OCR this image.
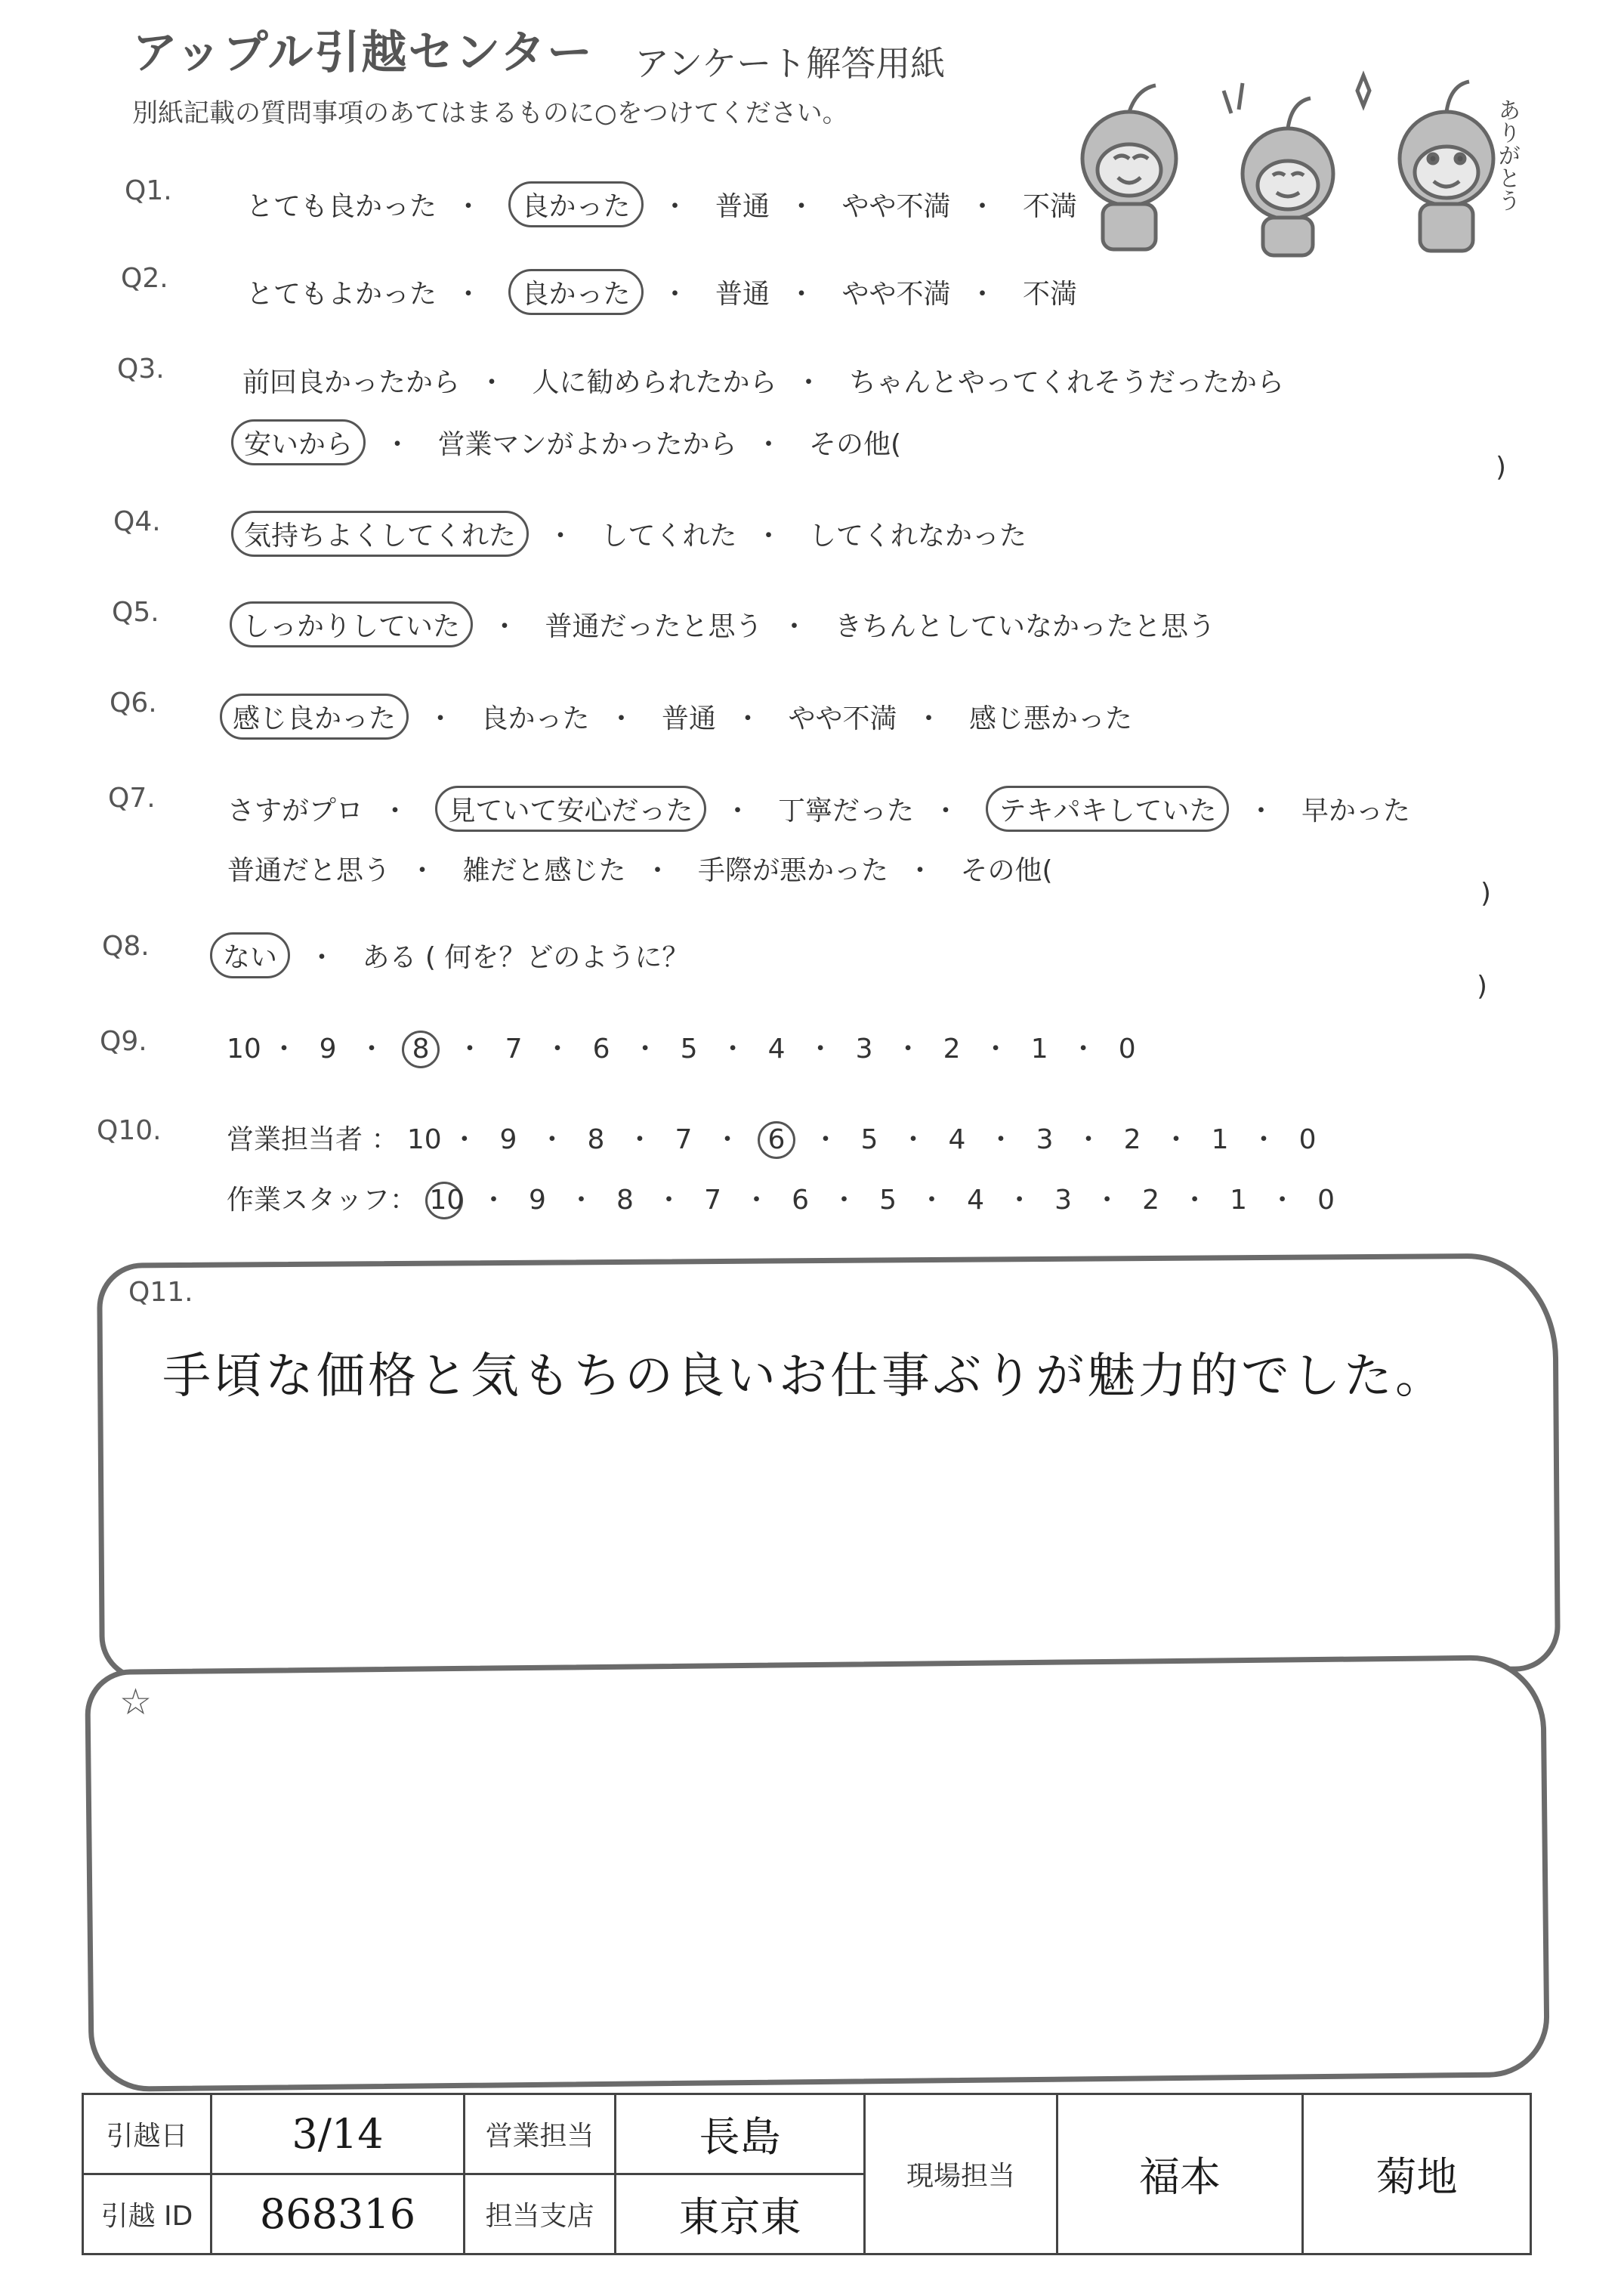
アップル引越センター アンケート解答用紙
別紙記載の質問事項のあてはまるものに○をつけてください。	ありがとう
Q1.
とても良かった ・ 良かった ・ 普通 ・ やや不満 ・ 不満
Q2.
とてもよかった ・ 良かった ・ 普通 ・ やや不満 ・ 不満
Q3.	前回良かったから ・ 人に勧められたから ・ ちゃんとやってくれそうだったから
安いから ・ 営業マンがよかったから ・ その他(
)
Q4.	気持ちよくしてくれた ・ してくれた ・ してくれなかった
Q5.	しっかりしていた ・ 普通だったと思う ・ きちんとしていなかったと思う
Q6.
感じ良かった ・ 良かった ・ 普通 ・ やや不満 ・ 感じ悪かった
Q7.	さすがプロ ・ 見ていて安心だった ・ 丁寧だった ・ テキパキしていた ・ 早かった
普通だと思う ・ 雑だと感じた ・ 手際が悪かった ・ その他(
)
Q8.	ない ・ ある ( 何を？どのように？
)
Q9.	10 ・ 9 ・ 8 ・ 7 ・ 6 ・ 5 ・ 4 ・ 3 ・ 2 ・ 1 ・ 0
Q10. 営業担当者 ： 10 ・ 9 ・ 8 ・ 7 ・ 6 ・ 5 ・ 4 ・ 3 ・ 2 ・ 1 ・ 0
作業スタッフ： 10 ・ 9 ・ 8 ・ 7 ・ 6 ・ 5 ・ 4 ・ 3 ・ 2 ・ 1 ・ 0
Q11.
手頃な価格と気もちの良いお仕事ぶりが魅力的でした。
☆
引越日	3/14	営業担当	長島	現場担当	福本	菊地
引越 ID	868316	担当支店	東京東			
